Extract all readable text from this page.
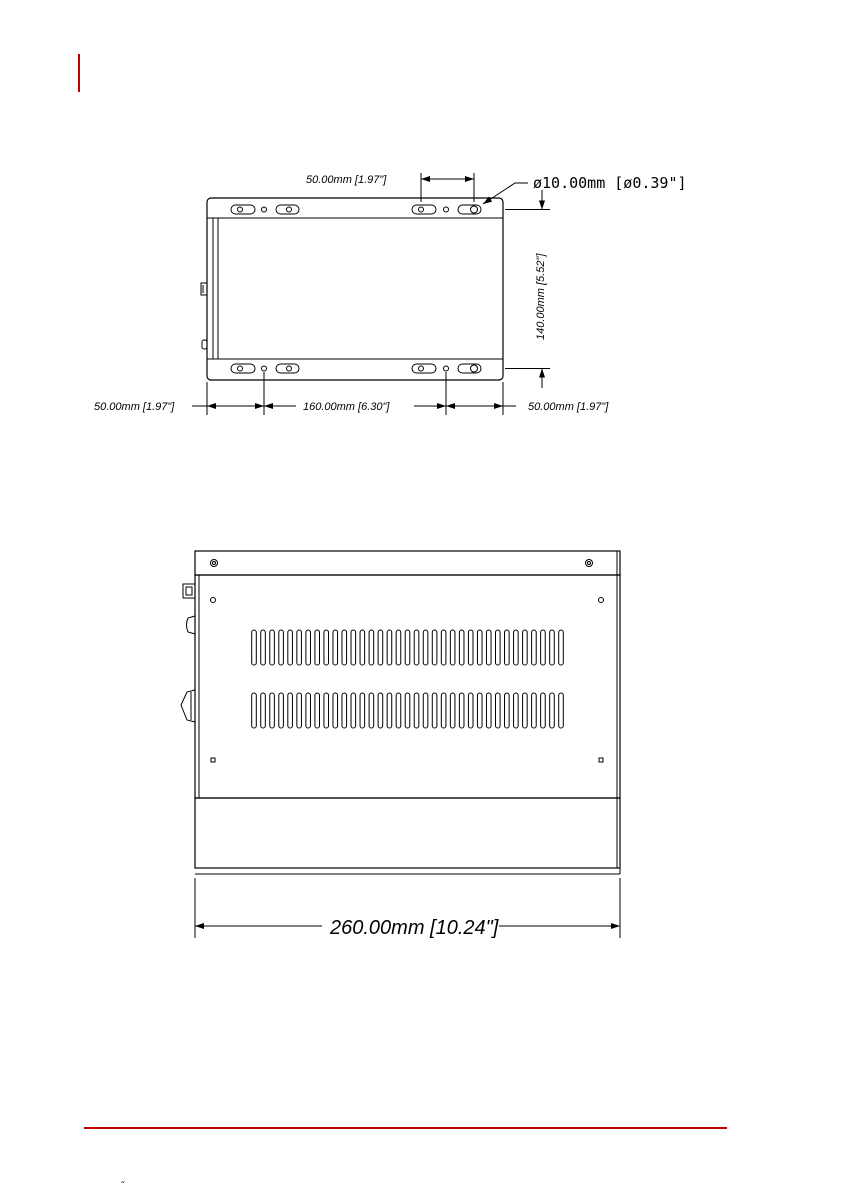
50.00mm [1.97"]	ø10.00mm [ø0.39"]
140.00mm [5.52"]
50.00mm [1.97"]	160.00mm [6.30"]	50.00mm [1.97"]
260.00mm [10.24"]
˝
